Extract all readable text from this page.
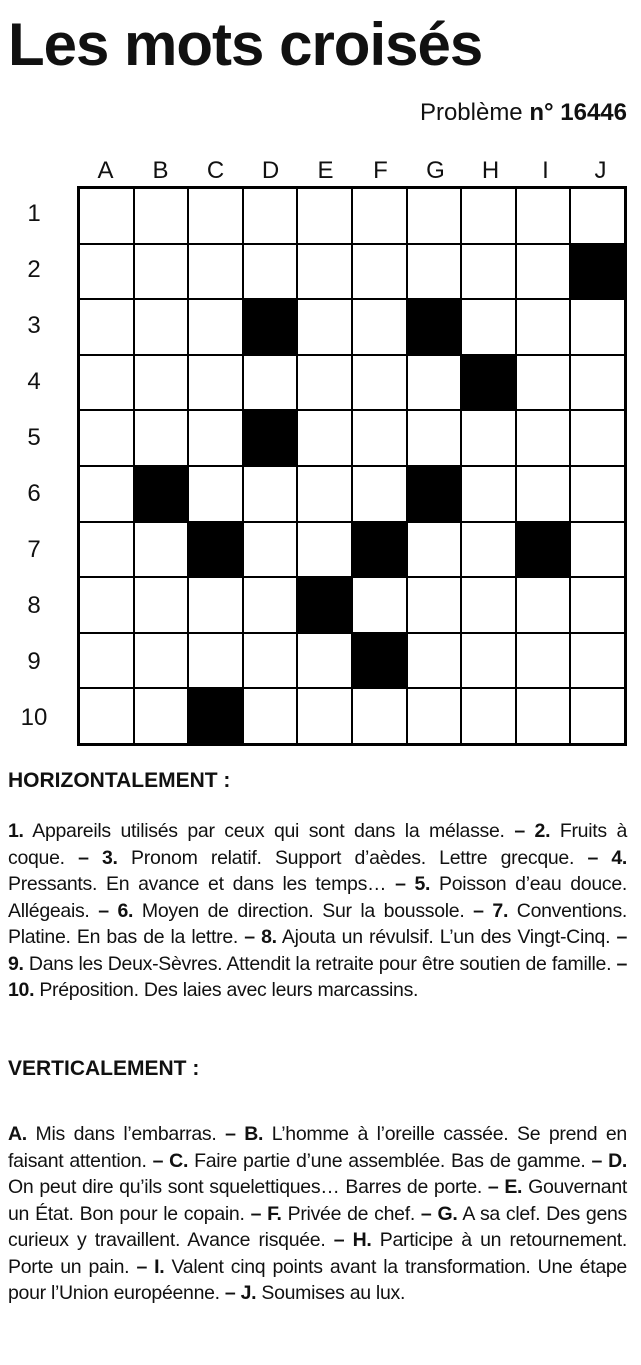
Les mots croisés
Problème n° 16446
A	B	C	D	E	F	G	H	I	J
1
2
3
4
5
6
7
8
9
10
HORIZONTALEMENT :
1. Appareils utilisés par ceux qui sont dans la mélasse. – 2. Fruits à coque. – 3. Pronom relatif. Support d’aèdes. Lettre grecque. – 4. Pressants. En avance et dans les temps… – 5. Poisson d’eau douce. Allégeais. – 6. Moyen de direction. Sur la boussole. – 7. Conventions. Platine. En bas de la lettre. – 8. Ajouta un révulsif. L’un des Vingt-Cinq. – 9. Dans les Deux-Sèvres. Attendit la retraite pour être soutien de famille. – 10. Préposition. Des laies avec leurs marcassins.
VERTICALEMENT :
A. Mis dans l’embarras. – B. L’homme à l’oreille cassée. Se prend en faisant attention. – C. Faire partie d’une assemblée. Bas de gamme. – D. On peut dire qu’ils sont squelettiques… Barres de porte. – E. Gouvernant un État. Bon pour le copain. – F. Privée de chef. – G. A sa clef. Des gens curieux y travaillent. Avance risquée. – H. Participe à un retournement. Porte un pain. – I. Valent cinq points avant la transformation. Une étape pour l’Union européenne. – J. Soumises au lux.
